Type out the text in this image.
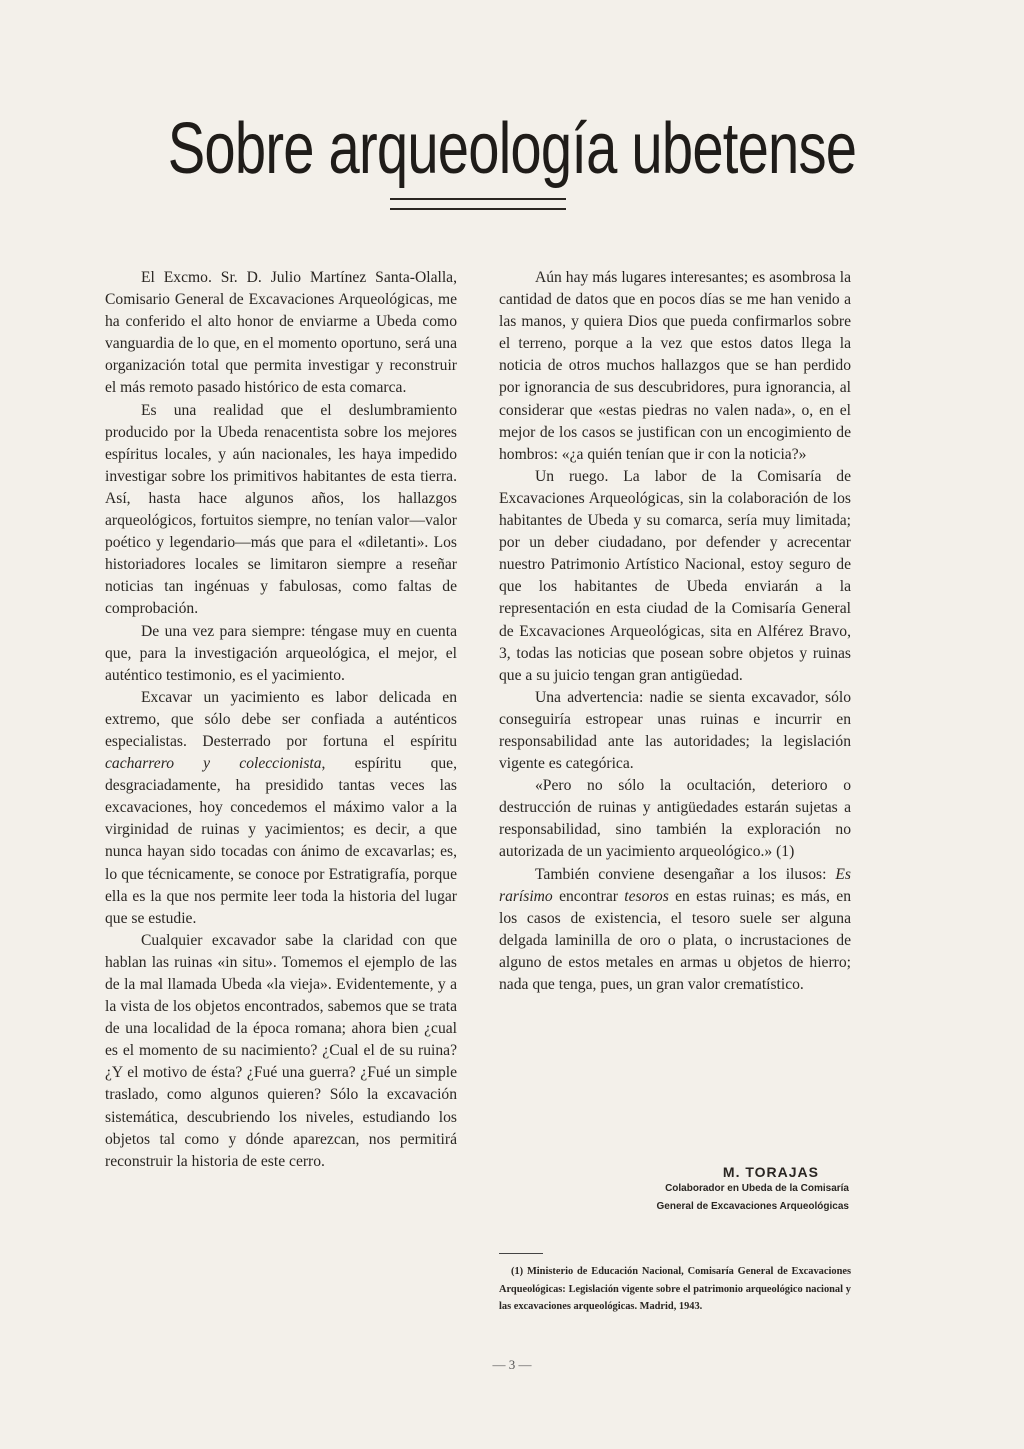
Sobre arqueología ubetense

El Excmo. Sr. D. Julio Martínez Santa-Olalla, Comisario General de Excavaciones Arqueológicas, me ha conferido el alto honor de enviarme a Ubeda como vanguardia de lo que, en el momento oportuno, será una organización total que permita investigar y reconstruir el más remoto pasado histórico de esta comarca.

Es una realidad que el deslumbramiento producido por la Ubeda renacentista sobre los mejores espíritus locales, y aún nacionales, les haya impedido investigar sobre los primitivos habitantes de esta tierra. Así, hasta hace algunos años, los hallazgos arqueológicos, fortuitos siempre, no tenían valor—valor poético y legendario—más que para el «diletanti». Los historiadores locales se limitaron siempre a reseñar noticias tan ingénuas y fabulosas, como faltas de comprobación.

De una vez para siempre: téngase muy en cuenta que, para la investigación arqueológica, el mejor, el auténtico testimonio, es el yacimiento.

Excavar un yacimiento es labor delicada en extremo, que sólo debe ser confiada a auténticos especialistas. Desterrado por fortuna el espíritu cacharrero y coleccionista, espíritu que, desgraciadamente, ha presidido tantas veces las excavaciones, hoy concedemos el máximo valor a la virginidad de ruinas y yacimientos; es decir, a que nunca hayan sido tocadas con ánimo de excavarlas; es, lo que técnicamente, se conoce por Estratigrafía, porque ella es la que nos permite leer toda la historia del lugar que se estudie.

Cualquier excavador sabe la claridad con que hablan las ruinas «in situ». Tomemos el ejemplo de las de la mal llamada Ubeda «la vieja». Evidentemente, y a la vista de los objetos encontrados, sabemos que se trata de una localidad de la época romana; ahora bien ¿cual es el momento de su nacimiento? ¿Cual el de su ruina? ¿Y el motivo de ésta? ¿Fué una guerra? ¿Fué un simple traslado, como algunos quieren? Sólo la excavación sistemática, descubriendo los niveles, estudiando los objetos tal como y dónde aparezcan, nos permitirá reconstruir la historia de este cerro.

Aún hay más lugares interesantes; es asombrosa la cantidad de datos que en pocos días se me han venido a las manos, y quiera Dios que pueda confirmarlos sobre el terreno, porque a la vez que estos datos llega la noticia de otros muchos hallazgos que se han perdido por ignorancia de sus descubridores, pura ignorancia, al considerar que «estas piedras no valen nada», o, en el mejor de los casos se justifican con un encogimiento de hombros: «¿a quién tenían que ir con la noticia?»

Un ruego. La labor de la Comisaría de Excavaciones Arqueológicas, sin la colaboración de los habitantes de Ubeda y su comarca, sería muy limitada; por un deber ciudadano, por defender y acrecentar nuestro Patrimonio Artístico Nacional, estoy seguro de que los habitantes de Ubeda enviarán a la representación en esta ciudad de la Comisaría General de Excavaciones Arqueológicas, sita en Alférez Bravo, 3, todas las noticias que posean sobre objetos y ruinas que a su juicio tengan gran antigüedad.

Una advertencia: nadie se sienta excavador, sólo conseguiría estropear unas ruinas e incurrir en responsabilidad ante las autoridades; la legislación vigente es categórica.

«Pero no sólo la ocultación, deterioro o destrucción de ruinas y antigüedades estarán sujetas a responsabilidad, sino también la exploración no autorizada de un yacimiento arqueológico.» (1)

También conviene desengañar a los ilusos: Es rarísimo encontrar tesoros en estas ruinas; es más, en los casos de existencia, el tesoro suele ser alguna delgada laminilla de oro o plata, o incrustaciones de alguno de estos metales en armas u objetos de hierro; nada que tenga, pues, un gran valor crematístico.

M. TORAJAS
Colaborador en Ubeda de la Comisaría
General de Excavaciones Arqueológicas
(1) Ministerio de Educación Nacional, Comisaría General de Excavaciones Arqueológicas: Legislación vigente sobre el patrimonio arqueológico nacional y las excavaciones arqueológicas. Madrid, 1943.
— 3 —
